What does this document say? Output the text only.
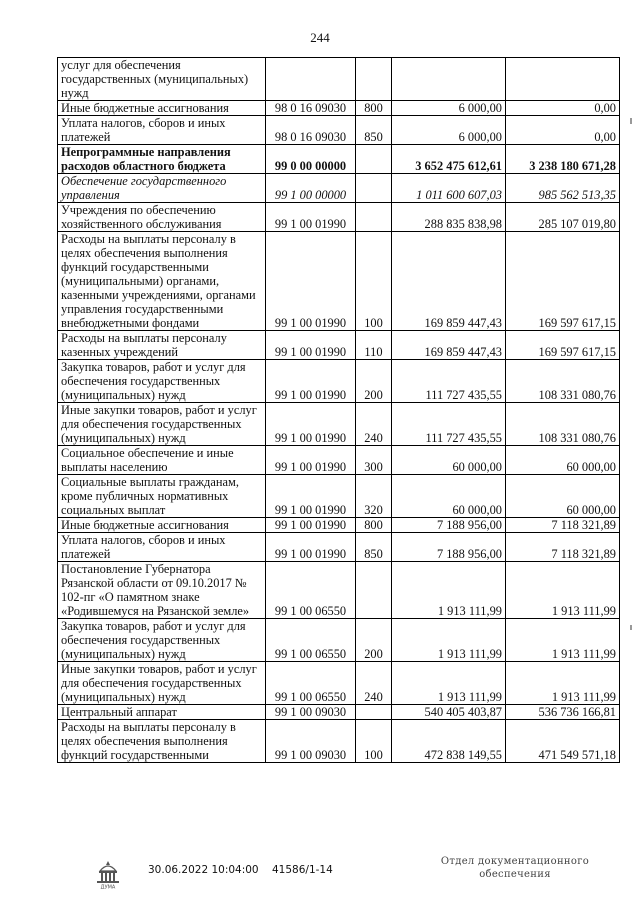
244
услуг для обеспечения государственных (муниципальных) нужд				
Иные бюджетные ассигнования	98 0 16 09030	800	6 000,00	0,00
Уплата налогов, сборов и иных платежей	98 0 16 09030	850	6 000,00	0,00
Непрограммные направления расходов областного бюджета	99 0 00 00000		3 652 475 612,61	3 238 180 671,28
Обеспечение государственного управления	99 1 00 00000		1 011 600 607,03	985 562 513,35
Учреждения по обеспечению хозяйственного обслуживания	99 1 00 01990		288 835 838,98	285 107 019,80
Расходы на выплаты персоналу в целях обеспечения выполнения функций государственными (муниципальными) органами, казенными учреждениями, органами управления государственными внебюджетными фондами	99 1 00 01990	100	169 859 447,43	169 597 617,15
Расходы на выплаты персоналу казенных учреждений	99 1 00 01990	110	169 859 447,43	169 597 617,15
Закупка товаров, работ и услуг для обеспечения государственных (муниципальных) нужд	99 1 00 01990	200	111 727 435,55	108 331 080,76
Иные закупки товаров, работ и услуг для обеспечения государственных (муниципальных) нужд	99 1 00 01990	240	111 727 435,55	108 331 080,76
Социальное обеспечение и иные выплаты населению	99 1 00 01990	300	60 000,00	60 000,00
Социальные выплаты гражданам, кроме публичных нормативных социальных выплат	99 1 00 01990	320	60 000,00	60 000,00
Иные бюджетные ассигнования	99 1 00 01990	800	7 188 956,00	7 118 321,89
Уплата налогов, сборов и иных платежей	99 1 00 01990	850	7 188 956,00	7 118 321,89
Постановление Губернатора Рязанской области от 09.10.2017 № 102-пг «О памятном знаке «Родившемуся на Рязанской земле»	99 1 00 06550		1 913 111,99	1 913 111,99
Закупка товаров, работ и услуг для обеспечения государственных (муниципальных) нужд	99 1 00 06550	200	1 913 111,99	1 913 111,99
Иные закупки товаров, работ и услуг для обеспечения государственных (муниципальных) нужд	99 1 00 06550	240	1 913 111,99	1 913 111,99
Центральный аппарат	99 1 00 09030		540 405 403,87	536 736 166,81
Расходы на выплаты персоналу в целях обеспечения выполнения функций государственными	99 1 00 09030	100	472 838 149,55	471 549 571,18
ДУМА
30.06.2022 10:04:00 41586/1-14
Отдел документационного
обеспечения
